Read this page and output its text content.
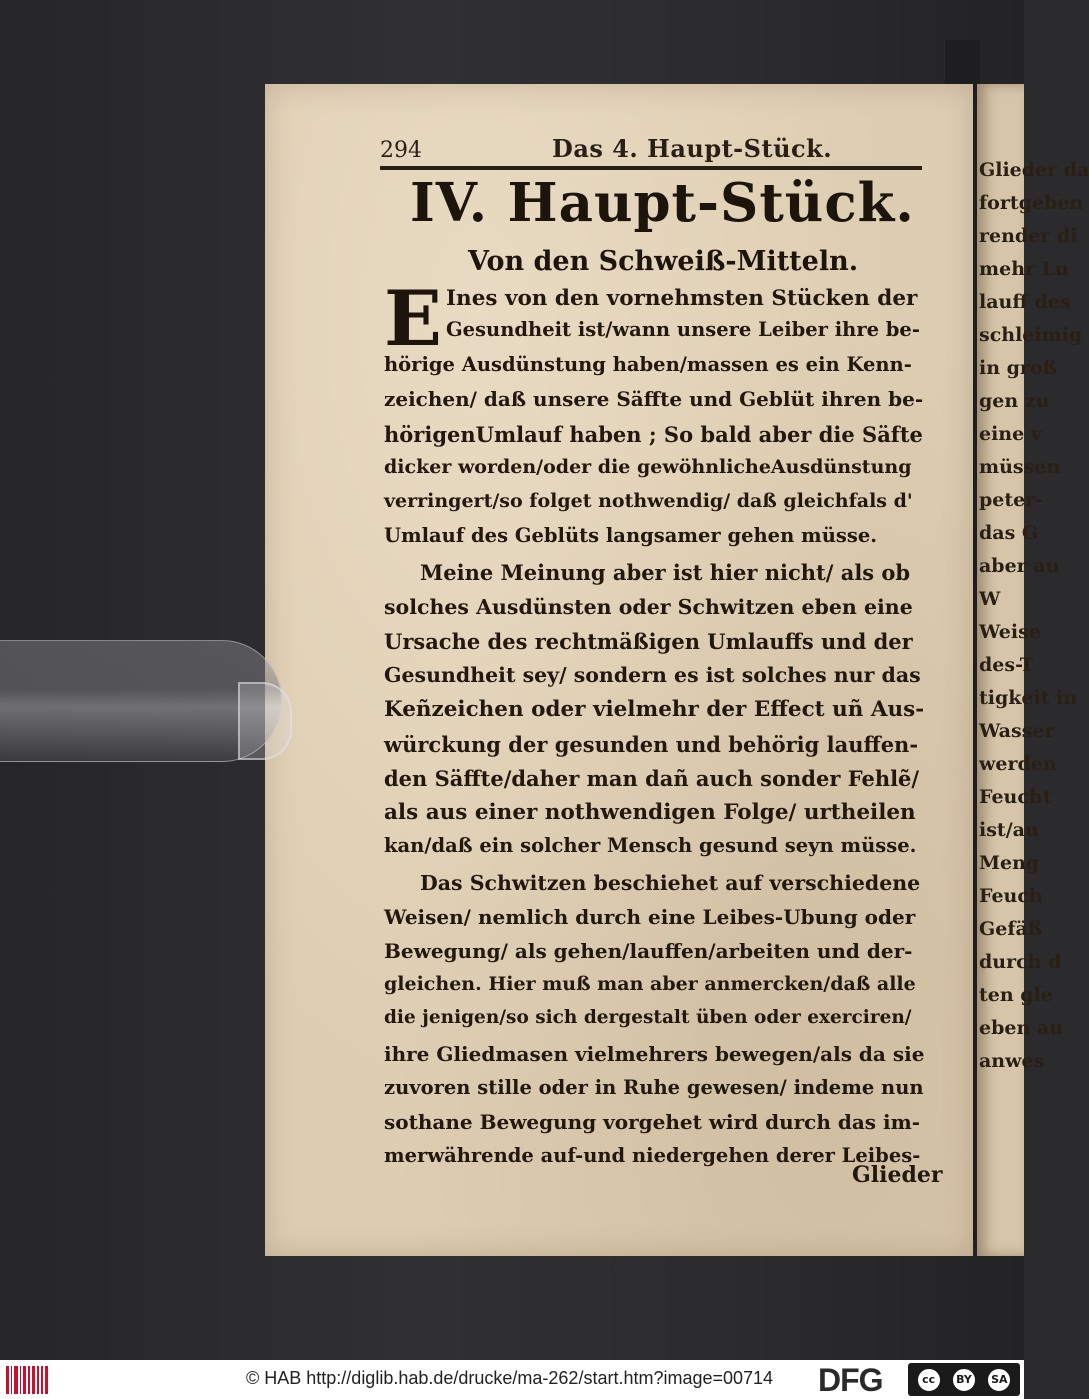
Glieder da
fortgeben
render di
mehr Lu
lauff des
schleimig
in groß
gen zu
eine v
müssen
peter-
das G
aber au
W
Weise
des-T
tigkeit in
Wasser
werden
Feucht
ist/au
Meng
Feuch
Gefäß
durch d
ten gle
eben au
anwes
294	Das 4. Haupt-Stück.
IV. Haupt-Stück.
Von den Schweiß-Mitteln.
E Ines von den vornehmsten Stücken der
Gesundheit ist/wann unsere Leiber ihre be-
hörige Ausdünstung haben/massen es ein Kenn-
zeichen/ daß unsere Säffte und Geblüt ihren be-
hörigenUmlauf haben ; So bald aber die Säfte
dicker worden/oder die gewöhnlicheAusdünstung
verringert/so folget nothwendig/ daß gleichfals d'
Umlauf des Geblüts langsamer gehen müsse.
Meine Meinung aber ist hier nicht/ als ob
solches Ausdünsten oder Schwitzen eben eine
Ursache des rechtmäßigen Umlauffs und der
Gesundheit sey/ sondern es ist solches nur das
Keñzeichen oder vielmehr der Effect uñ Aus-
würckung der gesunden und behörig lauffen-
den Säffte/daher man dañ auch sonder Fehlẽ/
als aus einer nothwendigen Folge/ urtheilen
kan/daß ein solcher Mensch gesund seyn müsse.
Das Schwitzen beschiehet auf verschiedene
Weisen/ nemlich durch eine Leibes-Ubung oder
Bewegung/ als gehen/lauffen/arbeiten und der-
gleichen. Hier muß man aber anmercken/daß alle
die jenigen/so sich dergestalt üben oder exerciren/
ihre Gliedmasen vielmehrers bewegen/als da sie
zuvoren stille oder in Ruhe gewesen/ indeme nun
sothane Bewegung vorgehet wird durch das im-
merwährende auf-und niedergehen derer Leibes-
Glieder
© HAB http://diglib.hab.de/drucke/ma-262/start.htm?image=00714 DFG	cc	BY	SA
